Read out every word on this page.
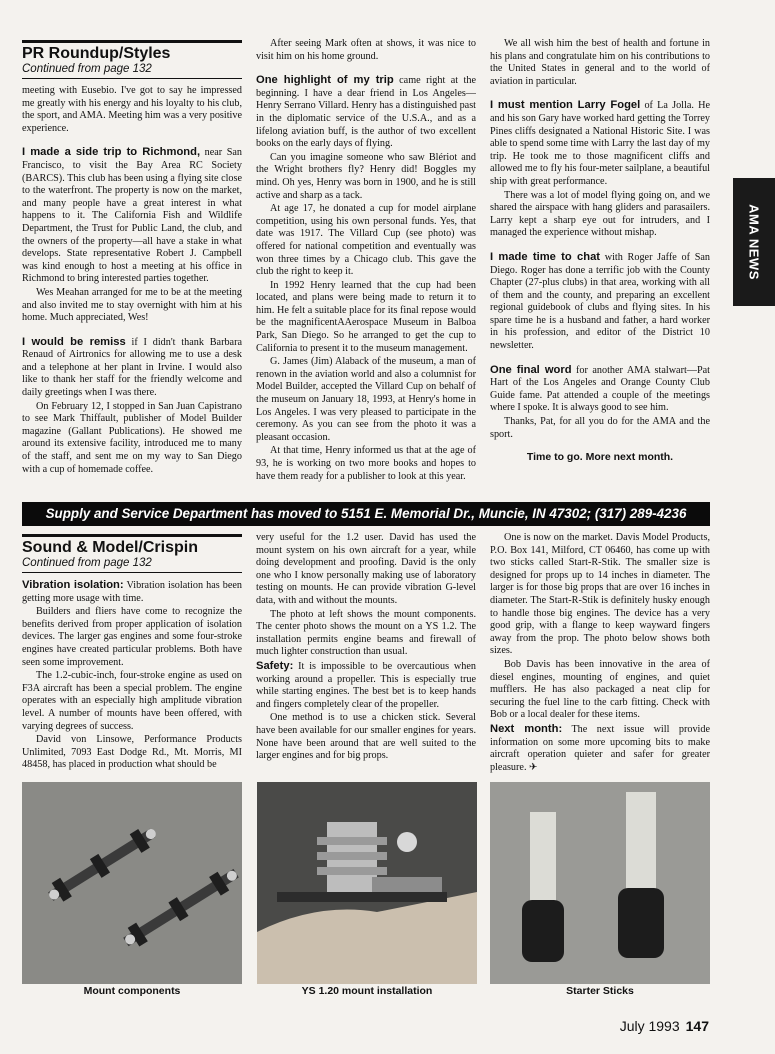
PR Roundup/Styles
Continued from page 132

meeting with Eusebio. I've got to say he impressed me greatly with his energy and his loyalty to his club, the sport, and AMA. Meeting him was a very positive experience.

I made a side trip to Richmond, near San Francisco, to visit the Bay Area RC Society (BARCS). This club has been using a flying site close to the waterfront. The property is now on the market, and many people have a great interest in what happens to it. The California Fish and Wildlife Department, the Trust for Public Land, the club, and the owners of the property—all have a stake in what develops. State representative Robert J. Campbell was kind enough to host a meeting at his office in Richmond to bring interested parties together.

Wes Meahan arranged for me to be at the meeting and also invited me to stay overnight with him at his home. Much appreciated, Wes!

I would be remiss if I didn't thank Barbara Renaud of Airtronics for allowing me to use a desk and a telephone at her plant in Irvine. I would also like to thank her staff for the friendly welcome and daily greetings when I was there.

On February 12, I stopped in San Juan Capistrano to see Mark Thiffault, publisher of Model Builder magazine (Gallant Publications). He showed me around its extensive facility, introduced me to many of the staff, and sent me on my way to San Diego with a cup of homemade coffee.

After seeing Mark often at shows, it was nice to visit him on his home ground.

One highlight of my trip came right at the beginning. I have a dear friend in Los Angeles—Henry Serrano Villard. Henry has a distinguished past in the diplomatic service of the U.S.A., and as a lifelong aviation buff, is the author of two excellent books on the early days of flying.

Can you imagine someone who saw Blériot and the Wright brothers fly? Henry did! Boggles my mind. Oh yes, Henry was born in 1900, and he is still active and sharp as a tack.

At age 17, he donated a cup for model airplane competition, using his own personal funds. Yes, that date was 1917. The Villard Cup (see photo) was offered for national competition and eventually was won three times by a Chicago club. This gave the club the right to keep it.

In 1992 Henry learned that the cup had been located, and plans were being made to return it to him. He felt a suitable place for its final repose would be the magnificentAAerospace Museum in Balboa Park, San Diego. So he arranged to get the cup to California to present it to the museum management.

G. James (Jim) Alaback of the museum, a man of renown in the aviation world and also a columnist for Model Builder, accepted the Villard Cup on behalf of the museum on January 18, 1993, at Henry's home in Los Angeles. I was very pleased to participate in the ceremony. As you can see from the photo it was a pleasant occasion.

At that time, Henry informed us that at the age of 93, he is working on two more books and hopes to have them ready for a publisher to look at this year.

We all wish him the best of health and fortune in his plans and congratulate him on his contributions to the United States in general and to the world of aviation in particular.

I must mention Larry Fogel of La Jolla. He and his son Gary have worked hard getting the Torrey Pines cliffs designated a National Historic Site. I was able to spend some time with Larry the last day of my trip. He took me to those magnificent cliffs and allowed me to fly his four-meter sailplane, a beautiful ship with great performance.

There was a lot of model flying going on, and we shared the airspace with hang gliders and parasailers. Larry kept a sharp eye out for intruders, and I managed the experience without mishap.

I made time to chat with Roger Jaffe of San Diego. Roger has done a terrific job with the County Chapter (27-plus clubs) in that area, working with all of them and the county, and preparing an excellent regional guidebook of clubs and flying sites. In his spare time he is a husband and father, a hard worker in his profession, and editor of the District 10 newsletter.

One final word for another AMA stalwart—Pat Hart of the Los Angeles and Orange County Club Guide fame. Pat attended a couple of the meetings where I spoke. It is always good to see him.

Thanks, Pat, for all you do for the AMA and the sport.

Time to go. More next month.
AMA NEWS
Supply and Service Department has moved to 5151 E. Memorial Dr., Muncie, IN 47302; (317) 289-4236
Sound & Model/Crispin
Continued from page 132

Vibration isolation: Vibration isolation has been getting more usage with time.

Builders and fliers have come to recognize the benefits derived from proper application of isolation devices. The larger gas engines and some four-stroke engines have created particular problems. Both have seen some improvement.

The 1.2-cubic-inch, four-stroke engine as used on F3A aircraft has been a special problem. The engine operates with an especially high amplitude vibration level. A number of mounts have been offered, with varying degrees of success.

David von Linsowe, Performance Products Unlimited, 7093 East Dodge Rd., Mt. Morris, MI 48458, has placed in production what should be

very useful for the 1.2 user. David has used the mount system on his own aircraft for a year, while doing development and proofing. David is the only one who I know personally making use of laboratory testing on mounts. He can provide vibration G-level data, with and without the mounts.

The photo at left shows the mount components. The center photo shows the mount on a YS 1.2. The installation permits engine beams and firewall of much lighter construction than usual.

Safety: It is impossible to be overcautious when working around a propeller. This is especially true while starting engines. The best bet is to keep hands and fingers completely clear of the propeller.

One method is to use a chicken stick. Several have been available for our smaller engines for years. None have been around that are well suited to the larger engines and for big props.

One is now on the market. Davis Model Products, P.O. Box 141, Milford, CT 06460, has come up with two sticks called Start-R-Stik. The smaller size is designed for props up to 14 inches in diameter. The larger is for those big props that are over 16 inches in diameter. The Start-R-Stik is definitely husky enough to handle those big engines. The device has a very good grip, with a flange to keep wayward fingers away from the prop. The photo below shows both sizes.

Bob Davis has been innovative in the area of diesel engines, mounting of engines, and quiet mufflers. He has also packaged a neat clip for securing the fuel line to the carb fitting. Check with Bob or a local dealer for these items.

Next month: The next issue will provide information on some more upcoming bits to make aircraft operation quieter and safer for greater pleasure. ✈

Mount components	YS 1.20 mount installation	Starter Sticks
July 1993 147
